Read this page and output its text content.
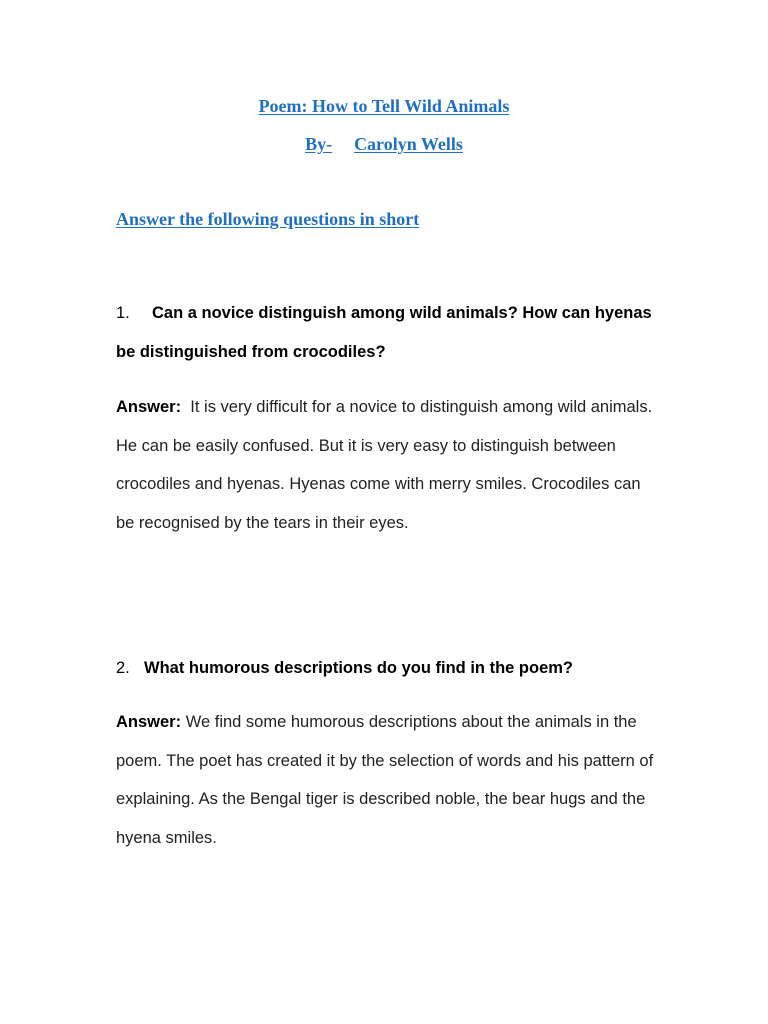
Poem: How to Tell Wild Animals
By- Carolyn Wells
Answer the following questions in short
1. Can a novice distinguish among wild animals? How can hyenas be distinguished from crocodiles?
Answer: It is very difficult for a novice to distinguish among wild animals. He can be easily confused. But it is very easy to distinguish between crocodiles and hyenas. Hyenas come with merry smiles. Crocodiles can be recognised by the tears in their eyes.
2. What humorous descriptions do you find in the poem?
Answer: We find some humorous descriptions about the animals in the poem. The poet has created it by the selection of words and his pattern of explaining. As the Bengal tiger is described noble, the bear hugs and the hyena smiles.
